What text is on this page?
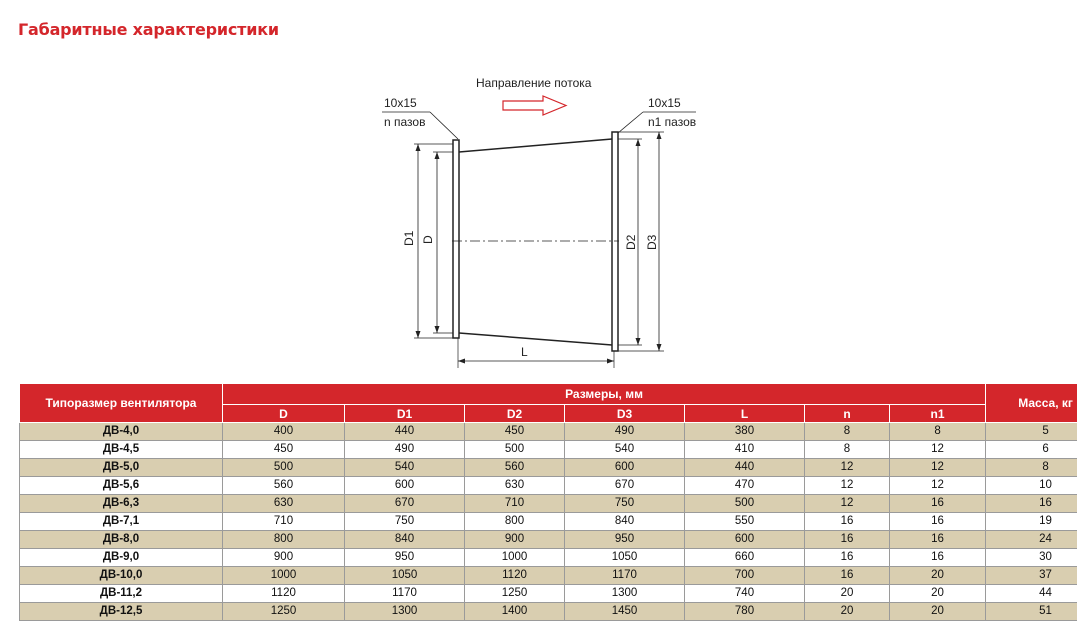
Габаритные характеристики
Направление потока
10х15
n пазов
10х15
n1 пазов
D1 D	D2 D3
L
Типоразмер вентилятора	Размеры, мм							Масса, кг
	D	D1	D2	D3	L	n	n1	
ДВ-4,0	400	440	450	490	380	8	8	5
ДВ-4,5	450	490	500	540	410	8	12	6
ДВ-5,0	500	540	560	600	440	12	12	8
ДВ-5,6	560	600	630	670	470	12	12	10
ДВ-6,3	630	670	710	750	500	12	16	16
ДВ-7,1	710	750	800	840	550	16	16	19
ДВ-8,0	800	840	900	950	600	16	16	24
ДВ-9,0	900	950	1000	1050	660	16	16	30
ДВ-10,0	1000	1050	1120	1170	700	16	20	37
ДВ-11,2	1120	1170	1250	1300	740	20	20	44
ДВ-12,5	1250	1300	1400	1450	780	20	20	51
